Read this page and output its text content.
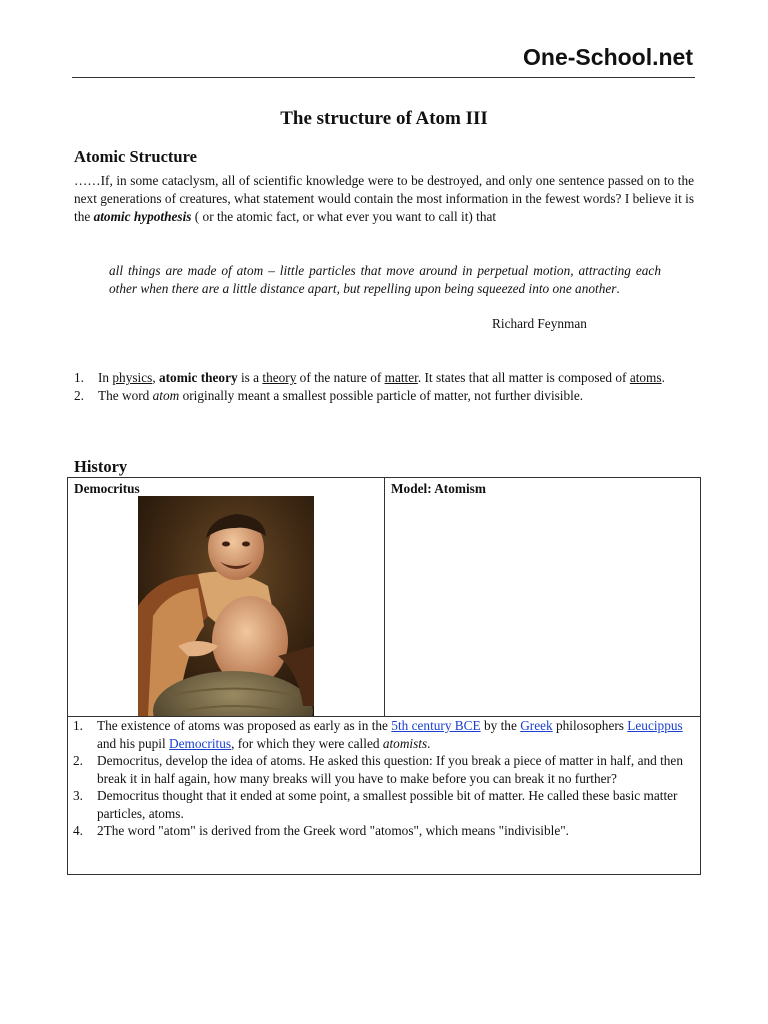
One-School.net
The structure of Atom III
Atomic Structure
……If, in some cataclysm, all of scientific knowledge were to be destroyed, and only one sentence passed on to the next generations of creatures, what statement would contain the most information in the fewest words? I believe it is the atomic hypothesis ( or the atomic fact, or what ever you want to call it) that
all things are made of atom – little particles that move around in perpetual motion, attracting each other when there are a little distance apart, but repelling upon being squeezed into one another.
Richard Feynman
1. In physics, atomic theory is a theory of the nature of matter. It states that all matter is composed of atoms.
2. The word atom originally meant a smallest possible particle of matter, not further divisible.
History
Democritus	Model: Atomism
1. The existence of atoms was proposed as early as in the 5th century BCE by the Greek philosophers Leucippus and his pupil Democritus, for which they were called atomists.
2. Democritus, develop the idea of atoms. He asked this question: If you break a piece of matter in half, and then break it in half again, how many breaks will you have to make before you can break it no further?
3. Democritus thought that it ended at some point, a smallest possible bit of matter. He called these basic matter particles, atoms.
4. 2The word "atom" is derived from the Greek word "atomos", which means "indivisible".
